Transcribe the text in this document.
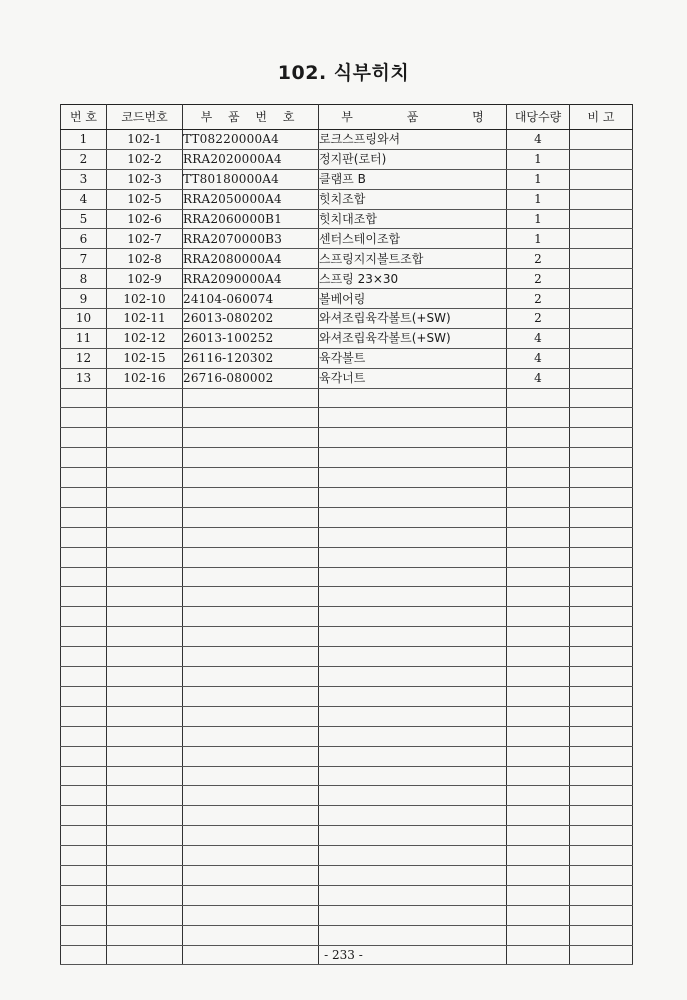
102. 식부히치
번 호	코드번호	부 품 번 호	부 품 명	대당수량	비 고
1	102-1	TT08220000A4	로크스프링와셔	4	
2	102-2	RRA2020000A4	정지판(로터)	1	
3	102-3	TT80180000A4	클램프 B	1	
4	102-5	RRA2050000A4	힛치조합	1	
5	102-6	RRA2060000B1	힛치대조합	1	
6	102-7	RRA2070000B3	센터스테이조합	1	
7	102-8	RRA2080000A4	스프링지지볼트조합	2	
8	102-9	RRA2090000A4	스프링 23×30	2	
9	102-10	24104-060074	볼베어링	2	
10	102-11	26013-080202	와셔조립육각볼트(+SW)	2	
11	102-12	26013-100252	와셔조립육각볼트(+SW)	4	
12	102-15	26116-120302	육각볼트	4	
13	102-16	26716-080002	육각너트	4	

- 233 -
